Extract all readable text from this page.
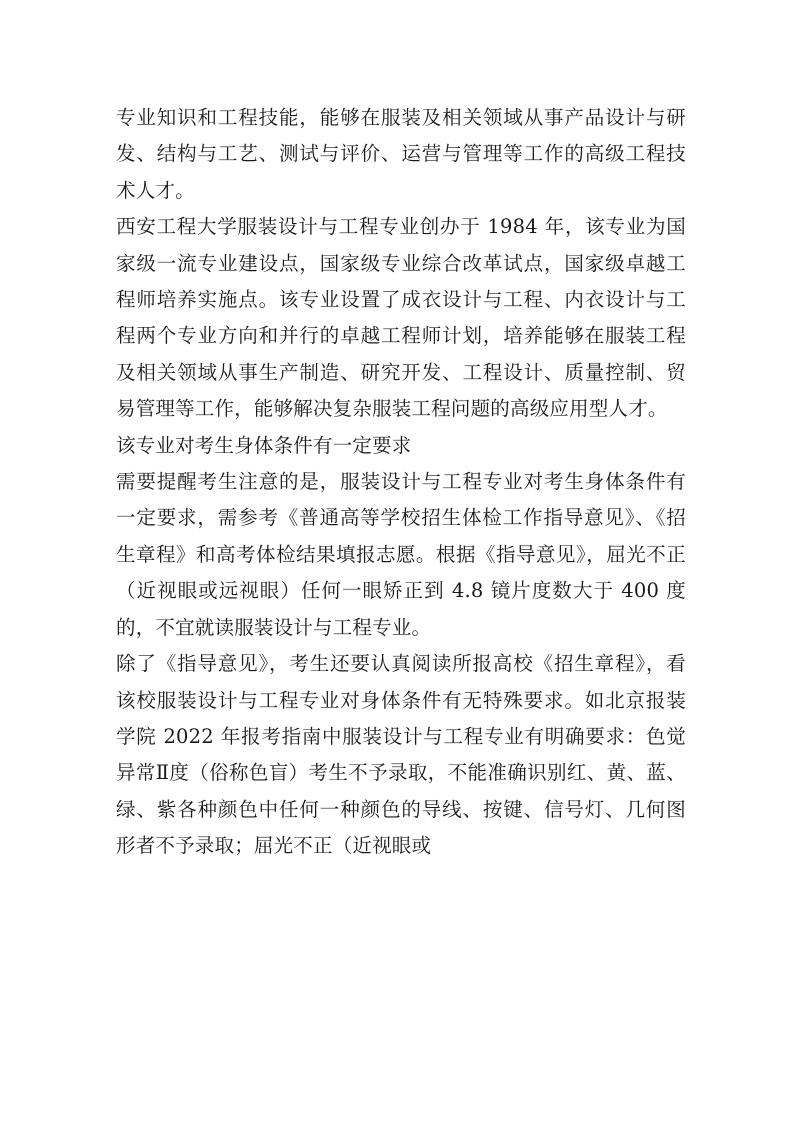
专业知识和工程技能，能够在服装及相关领域从事产品设计与研发、结构与工艺、测试与评价、运营与管理等工作的高级工程技术人才。

西安工程大学服装设计与工程专业创办于 1984 年，该专业为国家级一流专业建设点，国家级专业综合改革试点，国家级卓越工程师培养实施点。该专业设置了成衣设计与工程、内衣设计与工程两个专业方向和并行的卓越工程师计划，培养能够在服装工程及相关领域从事生产制造、研究开发、工程设计、质量控制、贸易管理等工作，能够解决复杂服装工程问题的高级应用型人才。

该专业对考生身体条件有一定要求

需要提醒考生注意的是，服装设计与工程专业对考生身体条件有一定要求，需参考《普通高等学校招生体检工作指导意见》、《招生章程》和高考体检结果填报志愿。根据《指导意见》，屈光不正（近视眼或远视眼）任何一眼矫正到 4.8 镜片度数大于 400 度的，不宜就读服装设计与工程专业。

除了《指导意见》，考生还要认真阅读所报高校《招生章程》，看该校服装设计与工程专业对身体条件有无特殊要求。如北京报装学院 2022 年报考指南中服装设计与工程专业有明确要求：色觉异常Ⅱ度（俗称色盲）考生不予录取，不能准确识别红、黄、蓝、绿、紫各种颜色中任何一种颜色的导线、按键、信号灯、几何图形者不予录取；屈光不正（近视眼或
